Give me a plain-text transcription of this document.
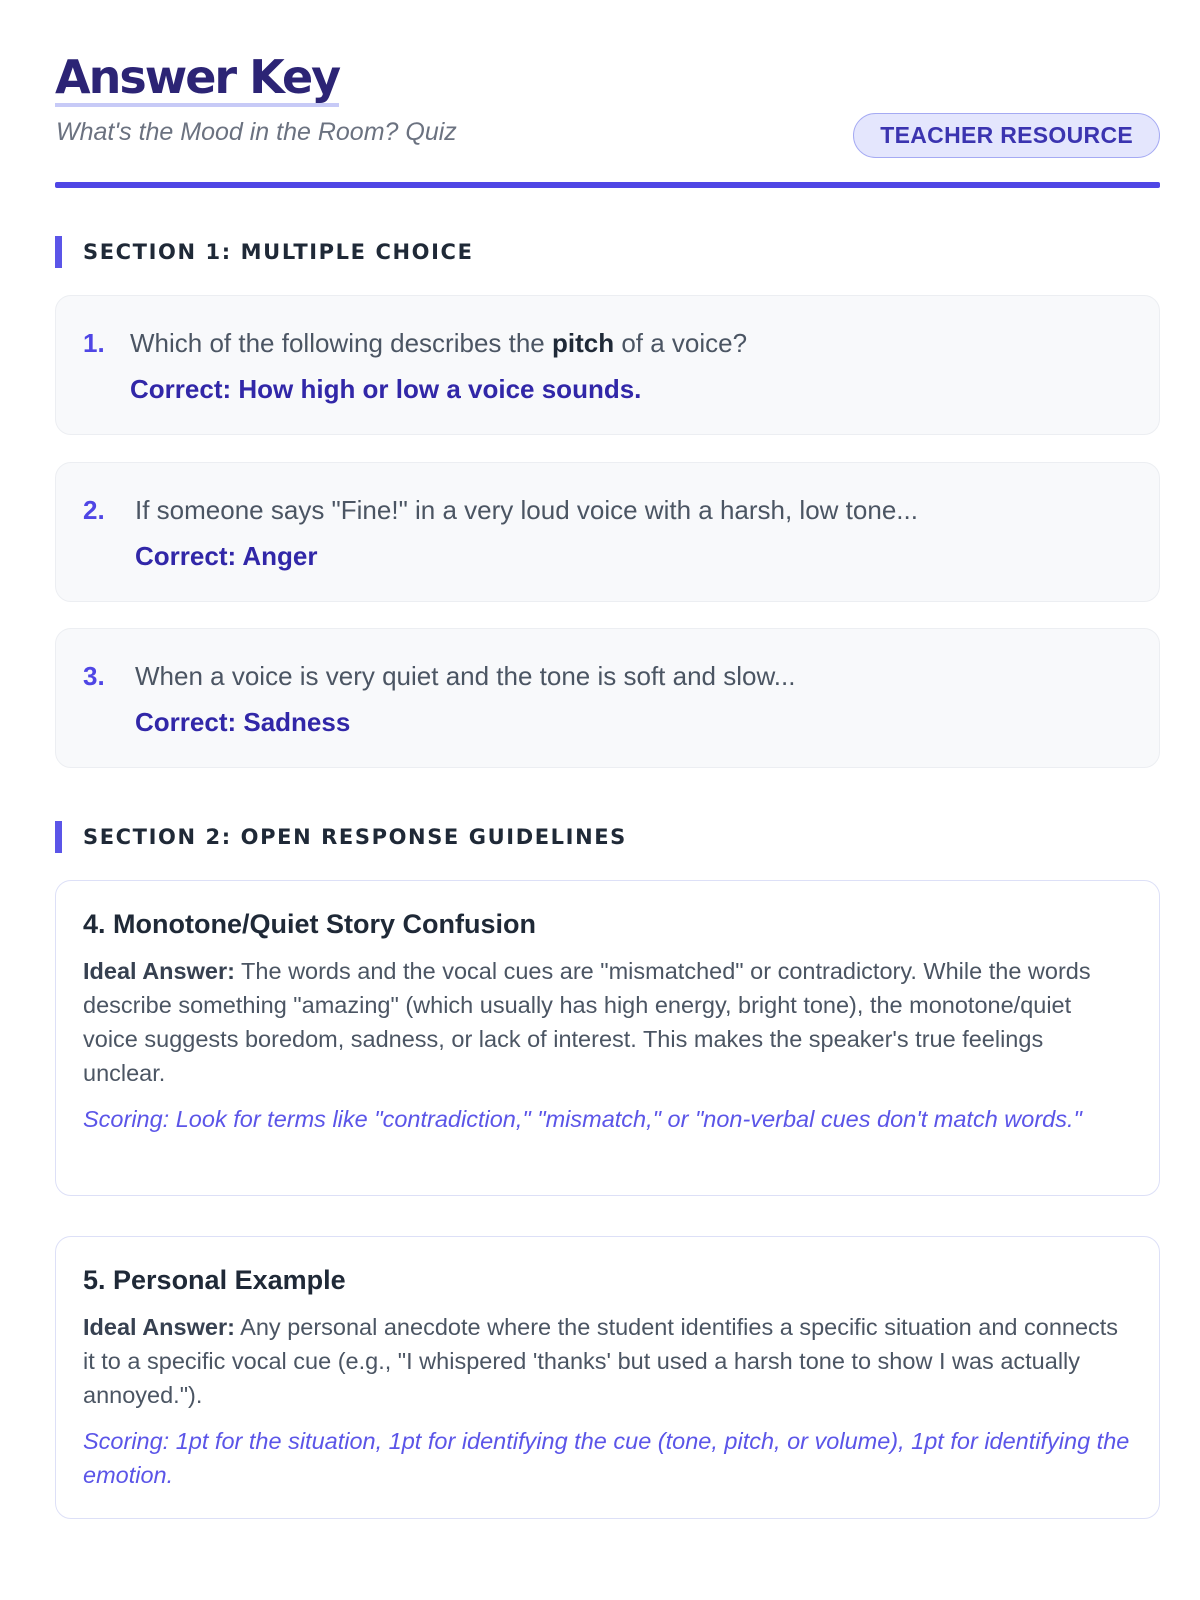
Answer Key
What's the Mood in the Room? Quiz	TEACHER RESOURCE
SECTION 1: MULTIPLE CHOICE
1. Which of the following describes the pitch of a voice?
Correct: How high or low a voice sounds.
2. If someone says "Fine!" in a very loud voice with a harsh, low tone...
Correct: Anger
3. When a voice is very quiet and the tone is soft and slow...
Correct: Sadness
SECTION 2: OPEN RESPONSE GUIDELINES

4. Monotone/Quiet Story Confusion

Ideal Answer: The words and the vocal cues are "mismatched" or contradictory. While the words describe something "amazing" (which usually has high energy, bright tone), the monotone/quiet voice suggests boredom, sadness, or lack of interest. This makes the speaker's true feelings unclear.

Scoring: Look for terms like "contradiction," "mismatch," or "non-verbal cues don't match words."

5. Personal Example

Ideal Answer: Any personal anecdote where the student identifies a specific situation and connects it to a specific vocal cue (e.g., "I whispered 'thanks' but used a harsh tone to show I was actually annoyed.").

Scoring: 1pt for the situation, 1pt for identifying the cue (tone, pitch, or volume), 1pt for identifying the emotion.
